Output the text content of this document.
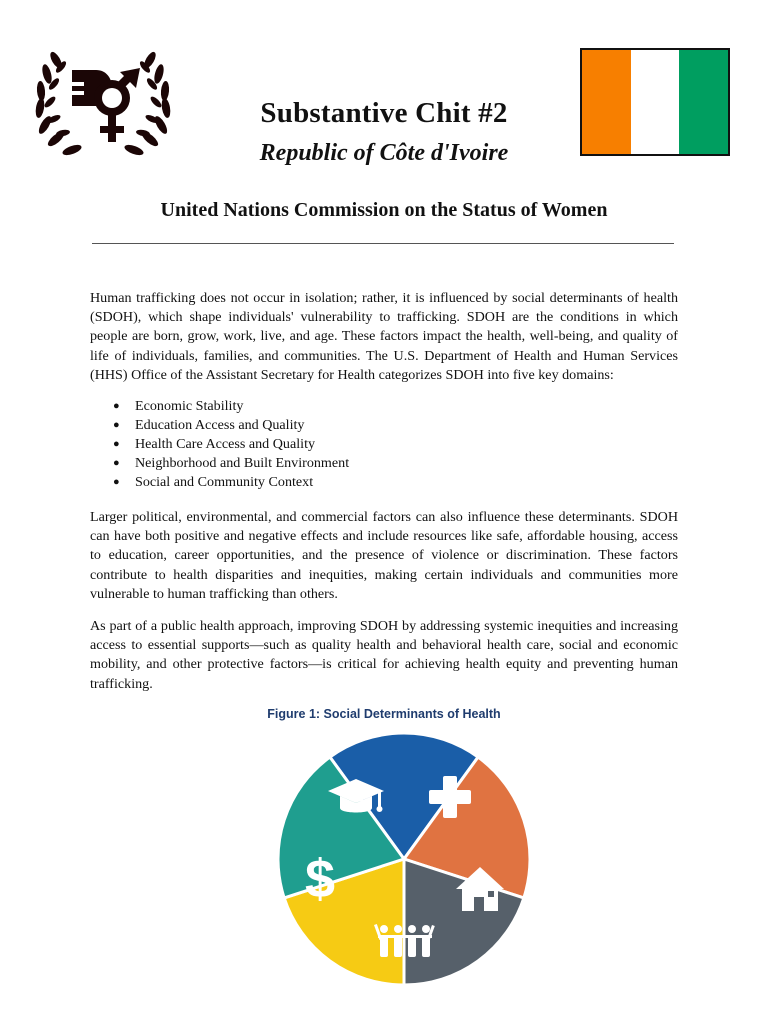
Substantive Chit #2
Republic of Côte d'Ivoire
United Nations Commission on the Status of Women
Human trafficking does not occur in isolation; rather, it is influenced by social determinants of health (SDOH), which shape individuals' vulnerability to trafficking. SDOH are the conditions in which people are born, grow, work, live, and age. These factors impact the health, well-being, and quality of life of individuals, families, and communities. The U.S. Department of Health and Human Services (HHS) Office of the Assistant Secretary for Health categorizes SDOH into five key domains:
● Economic Stability
● Education Access and Quality
● Health Care Access and Quality
● Neighborhood and Built Environment
● Social and Community Context
Larger political, environmental, and commercial factors can also influence these determinants. SDOH can have both positive and negative effects and include resources like safe, affordable housing, access to education, career opportunities, and the presence of violence or discrimination. These factors contribute to health disparities and inequities, making certain individuals and communities more vulnerable to human trafficking than others.
As part of a public health approach, improving SDOH by addressing systemic inequities and increasing access to essential supports—such as quality health and behavioral health care, social and economic mobility, and other protective factors—is critical for achieving health equity and preventing human trafficking.
Figure 1: Social Determinants of Health
$
